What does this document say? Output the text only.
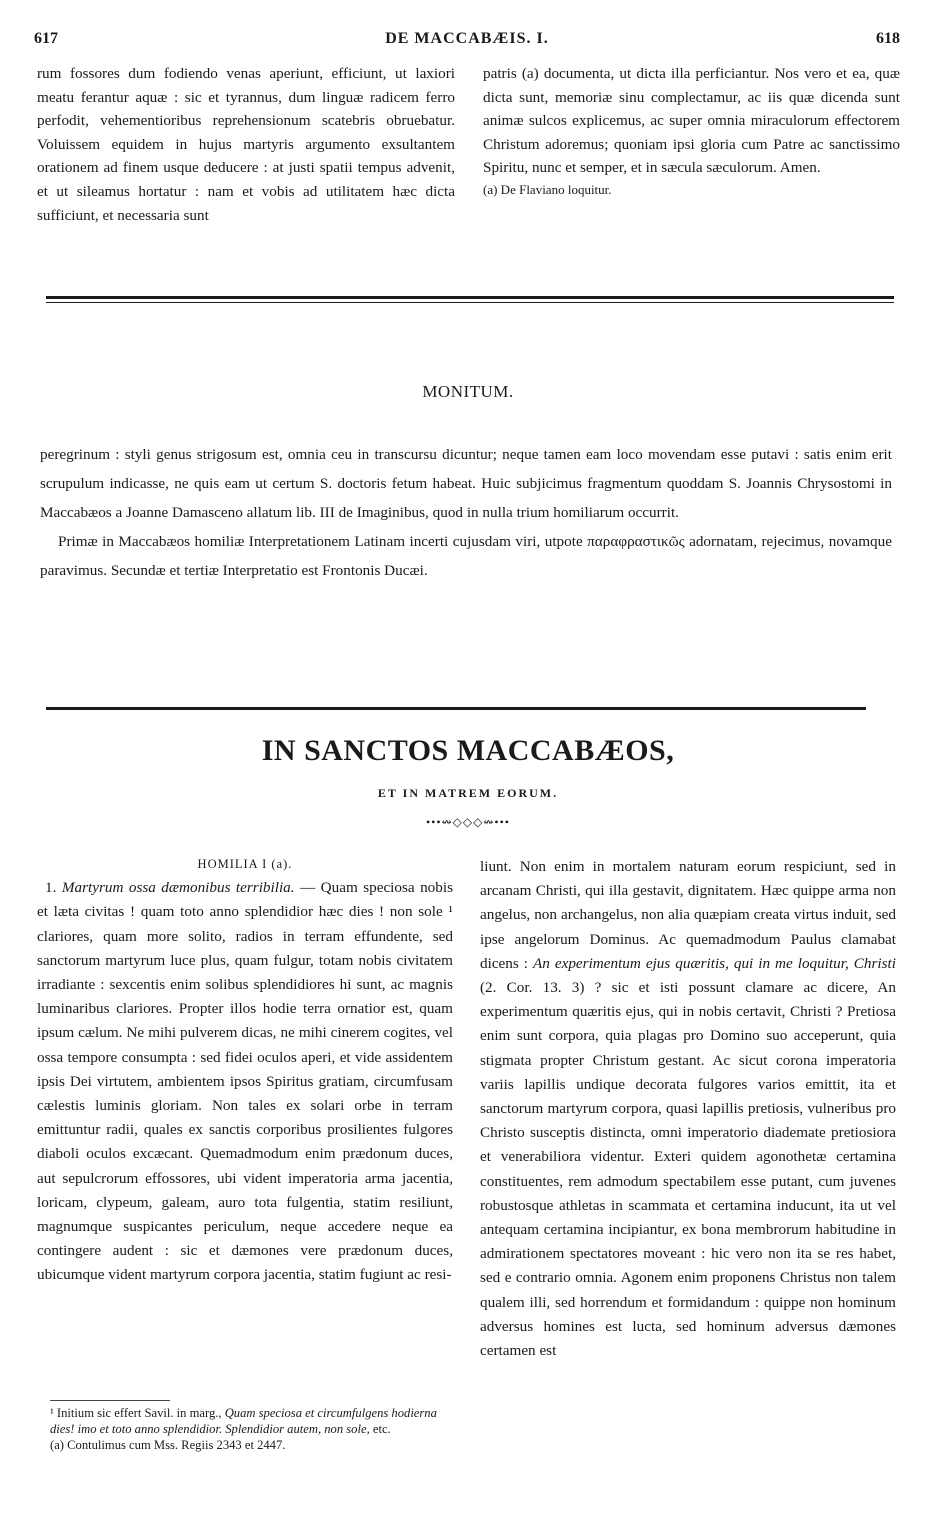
617	DE MACCABÆIS. I.	618

rum fossores dum fodiendo venas aperiunt, efficiunt, ut laxiori meatu ferantur aquæ : sic et tyrannus, dum linguæ radicem ferro perfodit, vehementioribus reprehensionum scatebris obruebatur. Voluissem equidem in hujus martyris argumento exsultantem orationem ad finem usque deducere : at justi spatii tempus advenit, et ut sileamus hortatur : nam et vobis ad utilitatem hæc dicta sufficiunt, et necessaria sunt

patris (a) documenta, ut dicta illa perficiantur. Nos vero et ea, quæ dicta sunt, memoriæ sinu complectamur, ac iis quæ dicenda sunt animæ sulcos explicemus, ac super omnia miraculorum effectorem Christum adoremus; quoniam ipsi gloria cum Patre ac sanctissimo Spiritu, nunc et semper, et in sæcula sæculorum. Amen.

(a) De Flaviano loquitur.

MONITUM.

peregrinum : styli genus strigosum est, omnia ceu in transcursu dicuntur; neque tamen eam loco movendam esse putavi : satis enim erit scrupulum indicasse, ne quis eam ut certum S. doctoris fetum habeat. Huic subjicimus fragmentum quoddam S. Joannis Chrysostomi in Maccabæos a Joanne Damasceno allatum lib. III de Imaginibus, quod in nulla trium homiliarum occurrit.

Primæ in Maccabæos homiliæ Interpretationem Latinam incerti cujusdam viri, utpote παραφραστικῶς adornatam, rejecimus, novamque paravimus. Secundæ et tertiæ Interpretatio est Frontonis Ducæi.

IN SANCTOS MACCABÆOS,
ET IN MATREM EORUM.
•••↭◇◇◇↭•••

HOMILIA I (a).

1. Martyrum ossa dæmonibus terribilia. — Quam speciosa nobis et læta civitas ! quam toto anno splendidior hæc dies ! non sole ¹ clariores, quam more solito, radios in terram effundente, sed sanctorum martyrum luce plus, quam fulgur, totam nobis civitatem irradiante : sexcentis enim solibus splendidiores hi sunt, ac magnis luminaribus clariores. Propter illos hodie terra ornatior est, quam ipsum cælum. Ne mihi pulverem dicas, ne mihi cinerem cogites, vel ossa tempore consumpta : sed fidei oculos aperi, et vide assidentem ipsis Dei virtutem, ambientem ipsos Spiritus gratiam, circumfusam cælestis luminis gloriam. Non tales ex solari orbe in terram emittuntur radii, quales ex sanctis corporibus prosilientes fulgores diaboli oculos excæcant. Quemadmodum enim prædonum duces, aut sepulcrorum effossores, ubi vident imperatoria arma jacentia, loricam, clypeum, galeam, auro tota fulgentia, statim resiliunt, magnumque suspicantes periculum, neque accedere neque ea contingere audent : sic et dæmones vere prædonum duces, ubicumque vident martyrum corpora jacentia, statim fugiunt ac resi-

liunt. Non enim in mortalem naturam eorum respiciunt, sed in arcanam Christi, qui illa gestavit, dignitatem. Hæc quippe arma non angelus, non archangelus, non alia quæpiam creata virtus induit, sed ipse angelorum Dominus. Ac quemadmodum Paulus clamabat dicens : An experimentum ejus quæritis, qui in me loquitur, Christi (2. Cor. 13. 3) ? sic et isti possunt clamare ac dicere, An experimentum quæritis ejus, qui in nobis certavit, Christi ? Pretiosa enim sunt corpora, quia plagas pro Domino suo acceperunt, quia stigmata propter Christum gestant. Ac sicut corona imperatoria variis lapillis undique decorata fulgores varios emittit, ita et sanctorum martyrum corpora, quasi lapillis pretiosis, vulneribus pro Christo susceptis distincta, omni imperatorio diademate pretiosiora et venerabiliora videntur. Exteri quidem agonothetæ certamina constituentes, rem admodum spectabilem esse putant, cum juvenes robustosque athletas in scammata et certamina inducunt, ita ut vel antequam certamina incipiantur, ex bona membrorum habitudine in admirationem spectatores moveant : hic vero non ita se res habet, sed e contrario omnia. Agonem enim proponens Christus non talem qualem illi, sed horrendum et formidandum : quippe non hominum adversus homines est lucta, sed hominum adversus dæmones certamen est

¹ Initium sic effert Savil. in marg., Quam speciosa et circumfulgens hodierna dies! imo et toto anno splendidior. Splendidior autem, non sole, etc.

(a) Contulimus cum Mss. Regiis 2343 et 2447.
